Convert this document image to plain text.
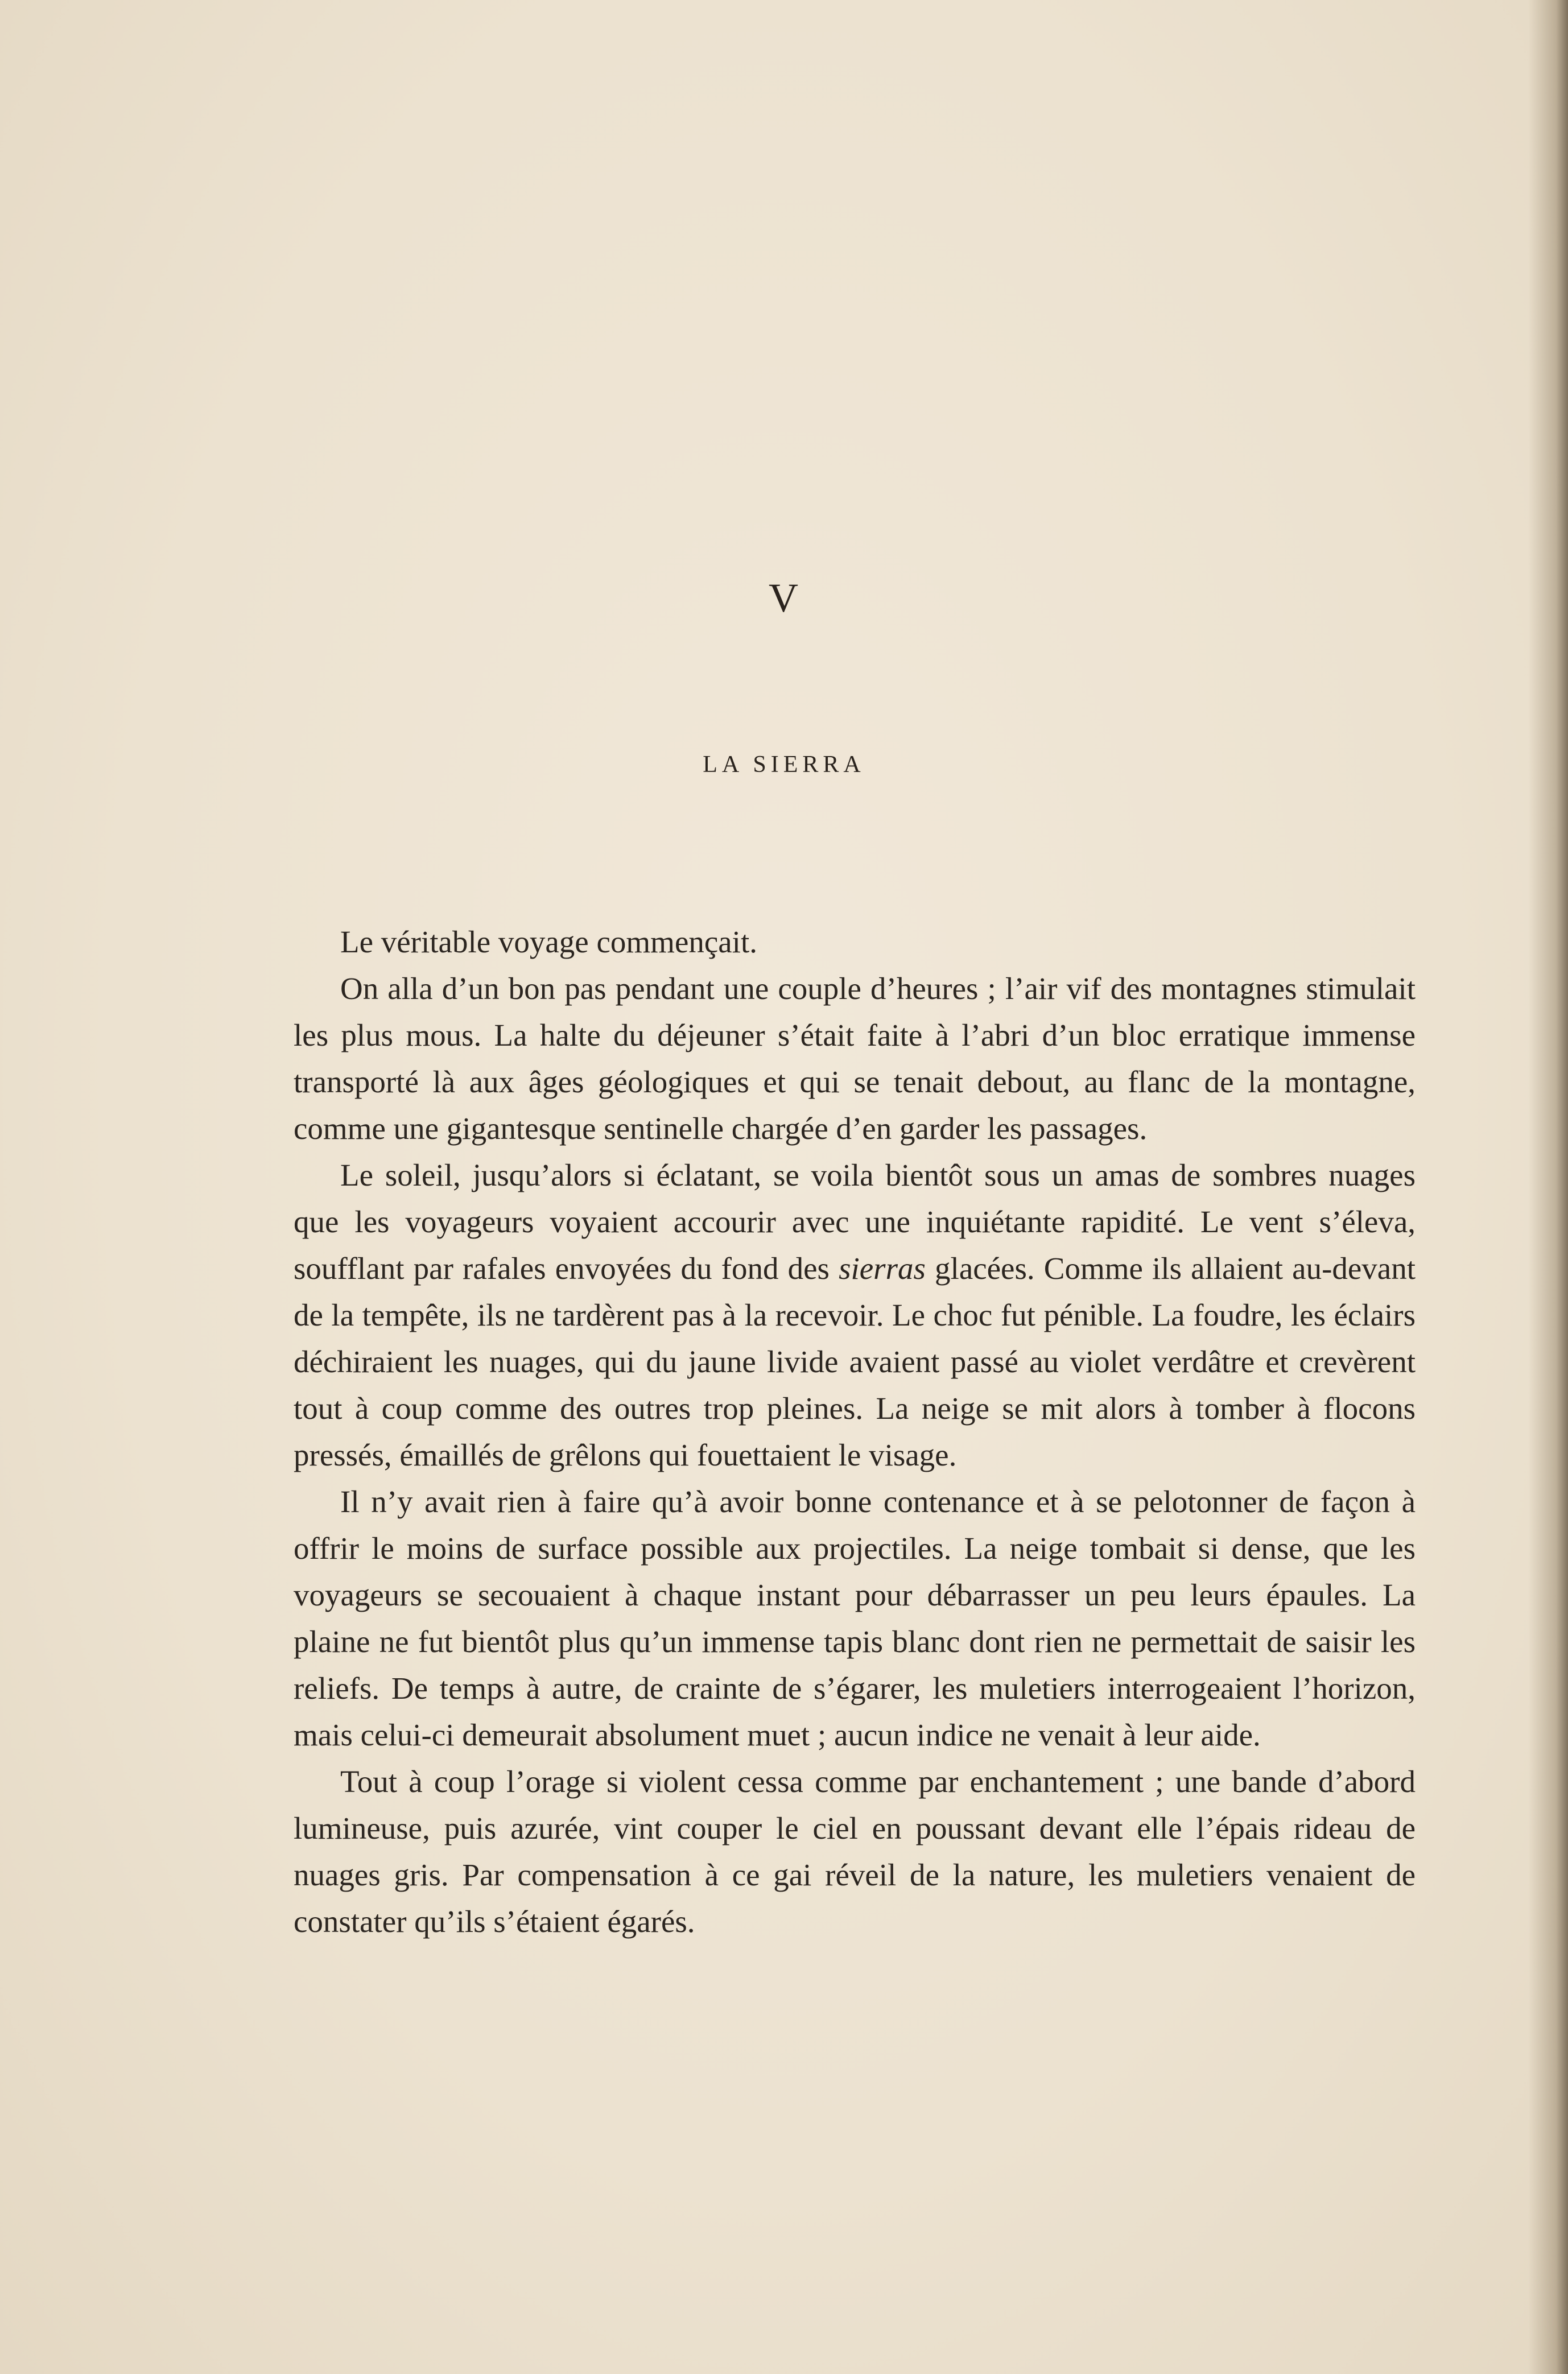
V
LA SIERRA

Le véritable voyage commençait.

On alla d’un bon pas pendant une couple d’heures ; l’air vif des montagnes stimulait les plus mous. La halte du déjeuner s’était faite à l’abri d’un bloc erratique immense transporté là aux âges géologiques et qui se tenait debout, au flanc de la montagne, comme une gigantesque sentinelle chargée d’en garder les passages.

Le soleil, jusqu’alors si éclatant, se voila bientôt sous un amas de sombres nuages que les voyageurs voyaient accourir avec une inquiétante rapidité. Le vent s’éleva, soufflant par rafales envoyées du fond des sierras glacées. Comme ils allaient au-devant de la tempête, ils ne tardèrent pas à la recevoir. Le choc fut pénible. La foudre, les éclairs déchiraient les nuages, qui du jaune livide avaient passé au violet verdâtre et crevèrent tout à coup comme des outres trop pleines. La neige se mit alors à tomber à flocons pressés, émaillés de grêlons qui fouettaient le visage.

Il n’y avait rien à faire qu’à avoir bonne contenance et à se pelotonner de façon à offrir le moins de surface possible aux projectiles. La neige tombait si dense, que les voyageurs se secouaient à chaque instant pour débarrasser un peu leurs épaules. La plaine ne fut bientôt plus qu’un immense tapis blanc dont rien ne permettait de saisir les reliefs. De temps à autre, de crainte de s’égarer, les muletiers interrogeaient l’horizon, mais celui-ci demeurait absolument muet ; aucun indice ne venait à leur aide.

Tout à coup l’orage si violent cessa comme par enchantement ; une bande d’abord lumineuse, puis azurée, vint couper le ciel en poussant devant elle l’épais rideau de nuages gris. Par compensation à ce gai réveil de la nature, les muletiers venaient de constater qu’ils s’étaient égarés.
